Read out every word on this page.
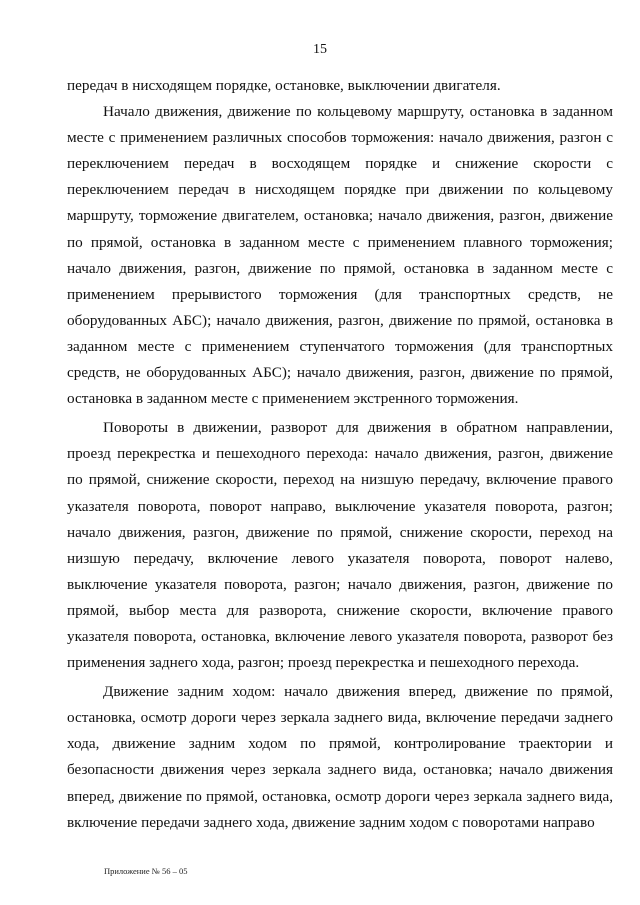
15

передач в нисходящем порядке, остановке, выключении двигателя.

Начало движения, движение по кольцевому маршруту, остановка в заданном месте с применением различных способов торможения: начало движения, разгон с переключением передач в восходящем порядке и снижение скорости с переключением передач в нисходящем порядке при движении по кольцевому маршруту, торможение двигателем, остановка; начало движения, разгон, движение по прямой, остановка в заданном месте с применением плавного торможения; начало движения, разгон, движение по прямой, остановка в заданном месте с применением прерывистого торможения (для транспортных средств, не оборудованных АБС); начало движения, разгон, движение по прямой, остановка в заданном месте с применением ступенчатого торможения (для транспортных средств, не оборудованных АБС); начало движения, разгон, движение по прямой, остановка в заданном месте с применением экстренного торможения.

Повороты в движении, разворот для движения в обратном направлении, проезд перекрестка и пешеходного перехода: начало движения, разгон, движение по прямой, снижение скорости, переход на низшую передачу, включение правого указателя поворота, поворот направо, выключение указателя поворота, разгон; начало движения, разгон, движение по прямой, снижение скорости, переход на низшую передачу, включение левого указателя поворота, поворот налево, выключение указателя поворота, разгон; начало движения, разгон, движение по прямой, выбор места для разворота, снижение скорости, включение правого указателя поворота, остановка, включение левого указателя поворота, разворот без применения заднего хода, разгон; проезд перекрестка и пешеходного перехода.

Движение задним ходом: начало движения вперед, движение по прямой, остановка, осмотр дороги через зеркала заднего вида, включение передачи заднего хода, движение задним ходом по прямой, контролирование траектории и безопасности движения через зеркала заднего вида, остановка; начало движения вперед, движение по прямой, остановка, осмотр дороги через зеркала заднего вида, включение передачи заднего хода, движение задним ходом с поворотами направо

Приложение № 56 – 05
